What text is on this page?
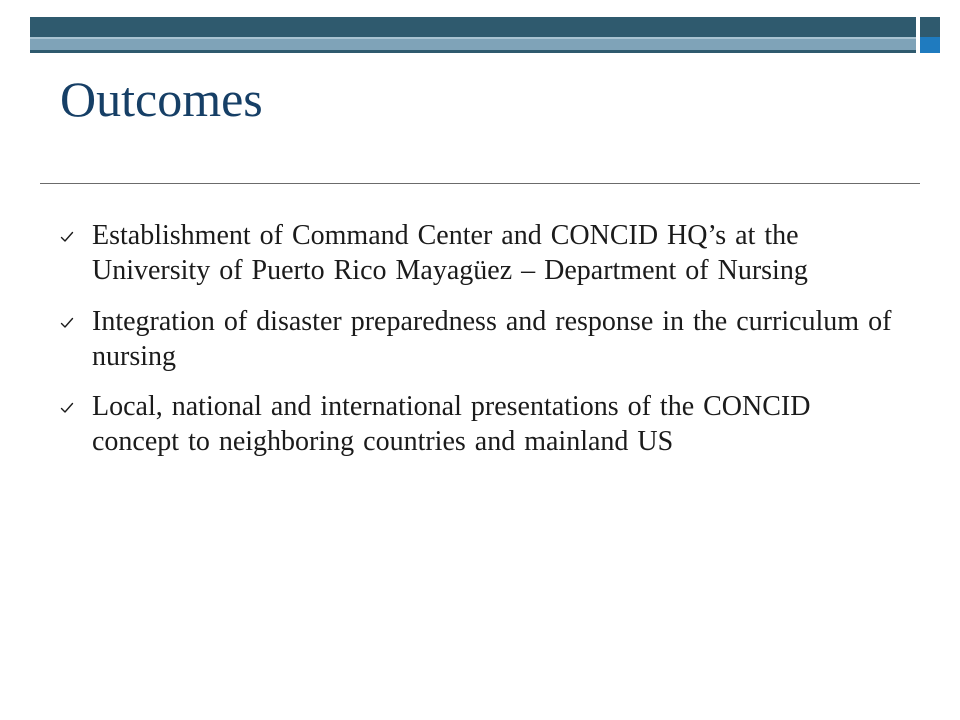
Outcomes
Establishment of Command Center and CONCID HQ’s at the University of Puerto Rico Mayagüez – Department of Nursing
Integration of disaster preparedness and response in the curriculum of nursing
Local, national and international presentations of the CONCID concept to neighboring countries and mainland US
